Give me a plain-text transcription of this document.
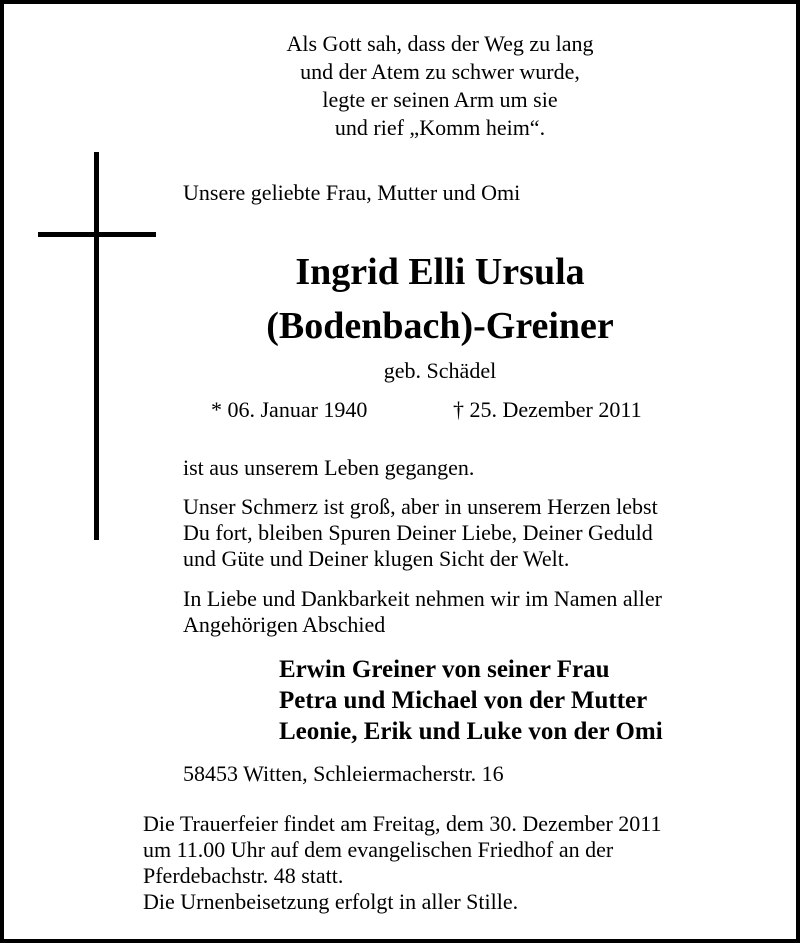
Als Gott sah, dass der Weg zu lang
und der Atem zu schwer wurde,
legte er seinen Arm um sie
und rief „Komm heim“.
Unsere geliebte Frau, Mutter und Omi
Ingrid Elli Ursula
(Bodenbach)-Greiner
geb. Schädel
* 06. Januar 1940	† 25. Dezember 2011
ist aus unserem Leben gegangen.
Unser Schmerz ist groß, aber in unserem Herzen lebst
Du fort, bleiben Spuren Deiner Liebe, Deiner Geduld
und Güte und Deiner klugen Sicht der Welt.
In Liebe und Dankbarkeit nehmen wir im Namen aller
Angehörigen Abschied
Erwin Greiner von seiner Frau
Petra und Michael von der Mutter
Leonie, Erik und Luke von der Omi
58453 Witten, Schleiermacherstr. 16
Die Trauerfeier findet am Freitag, dem 30. Dezember 2011
um 11.00 Uhr auf dem evangelischen Friedhof an der
Pferdebachstr. 48 statt.
Die Urnenbeisetzung erfolgt in aller Stille.
